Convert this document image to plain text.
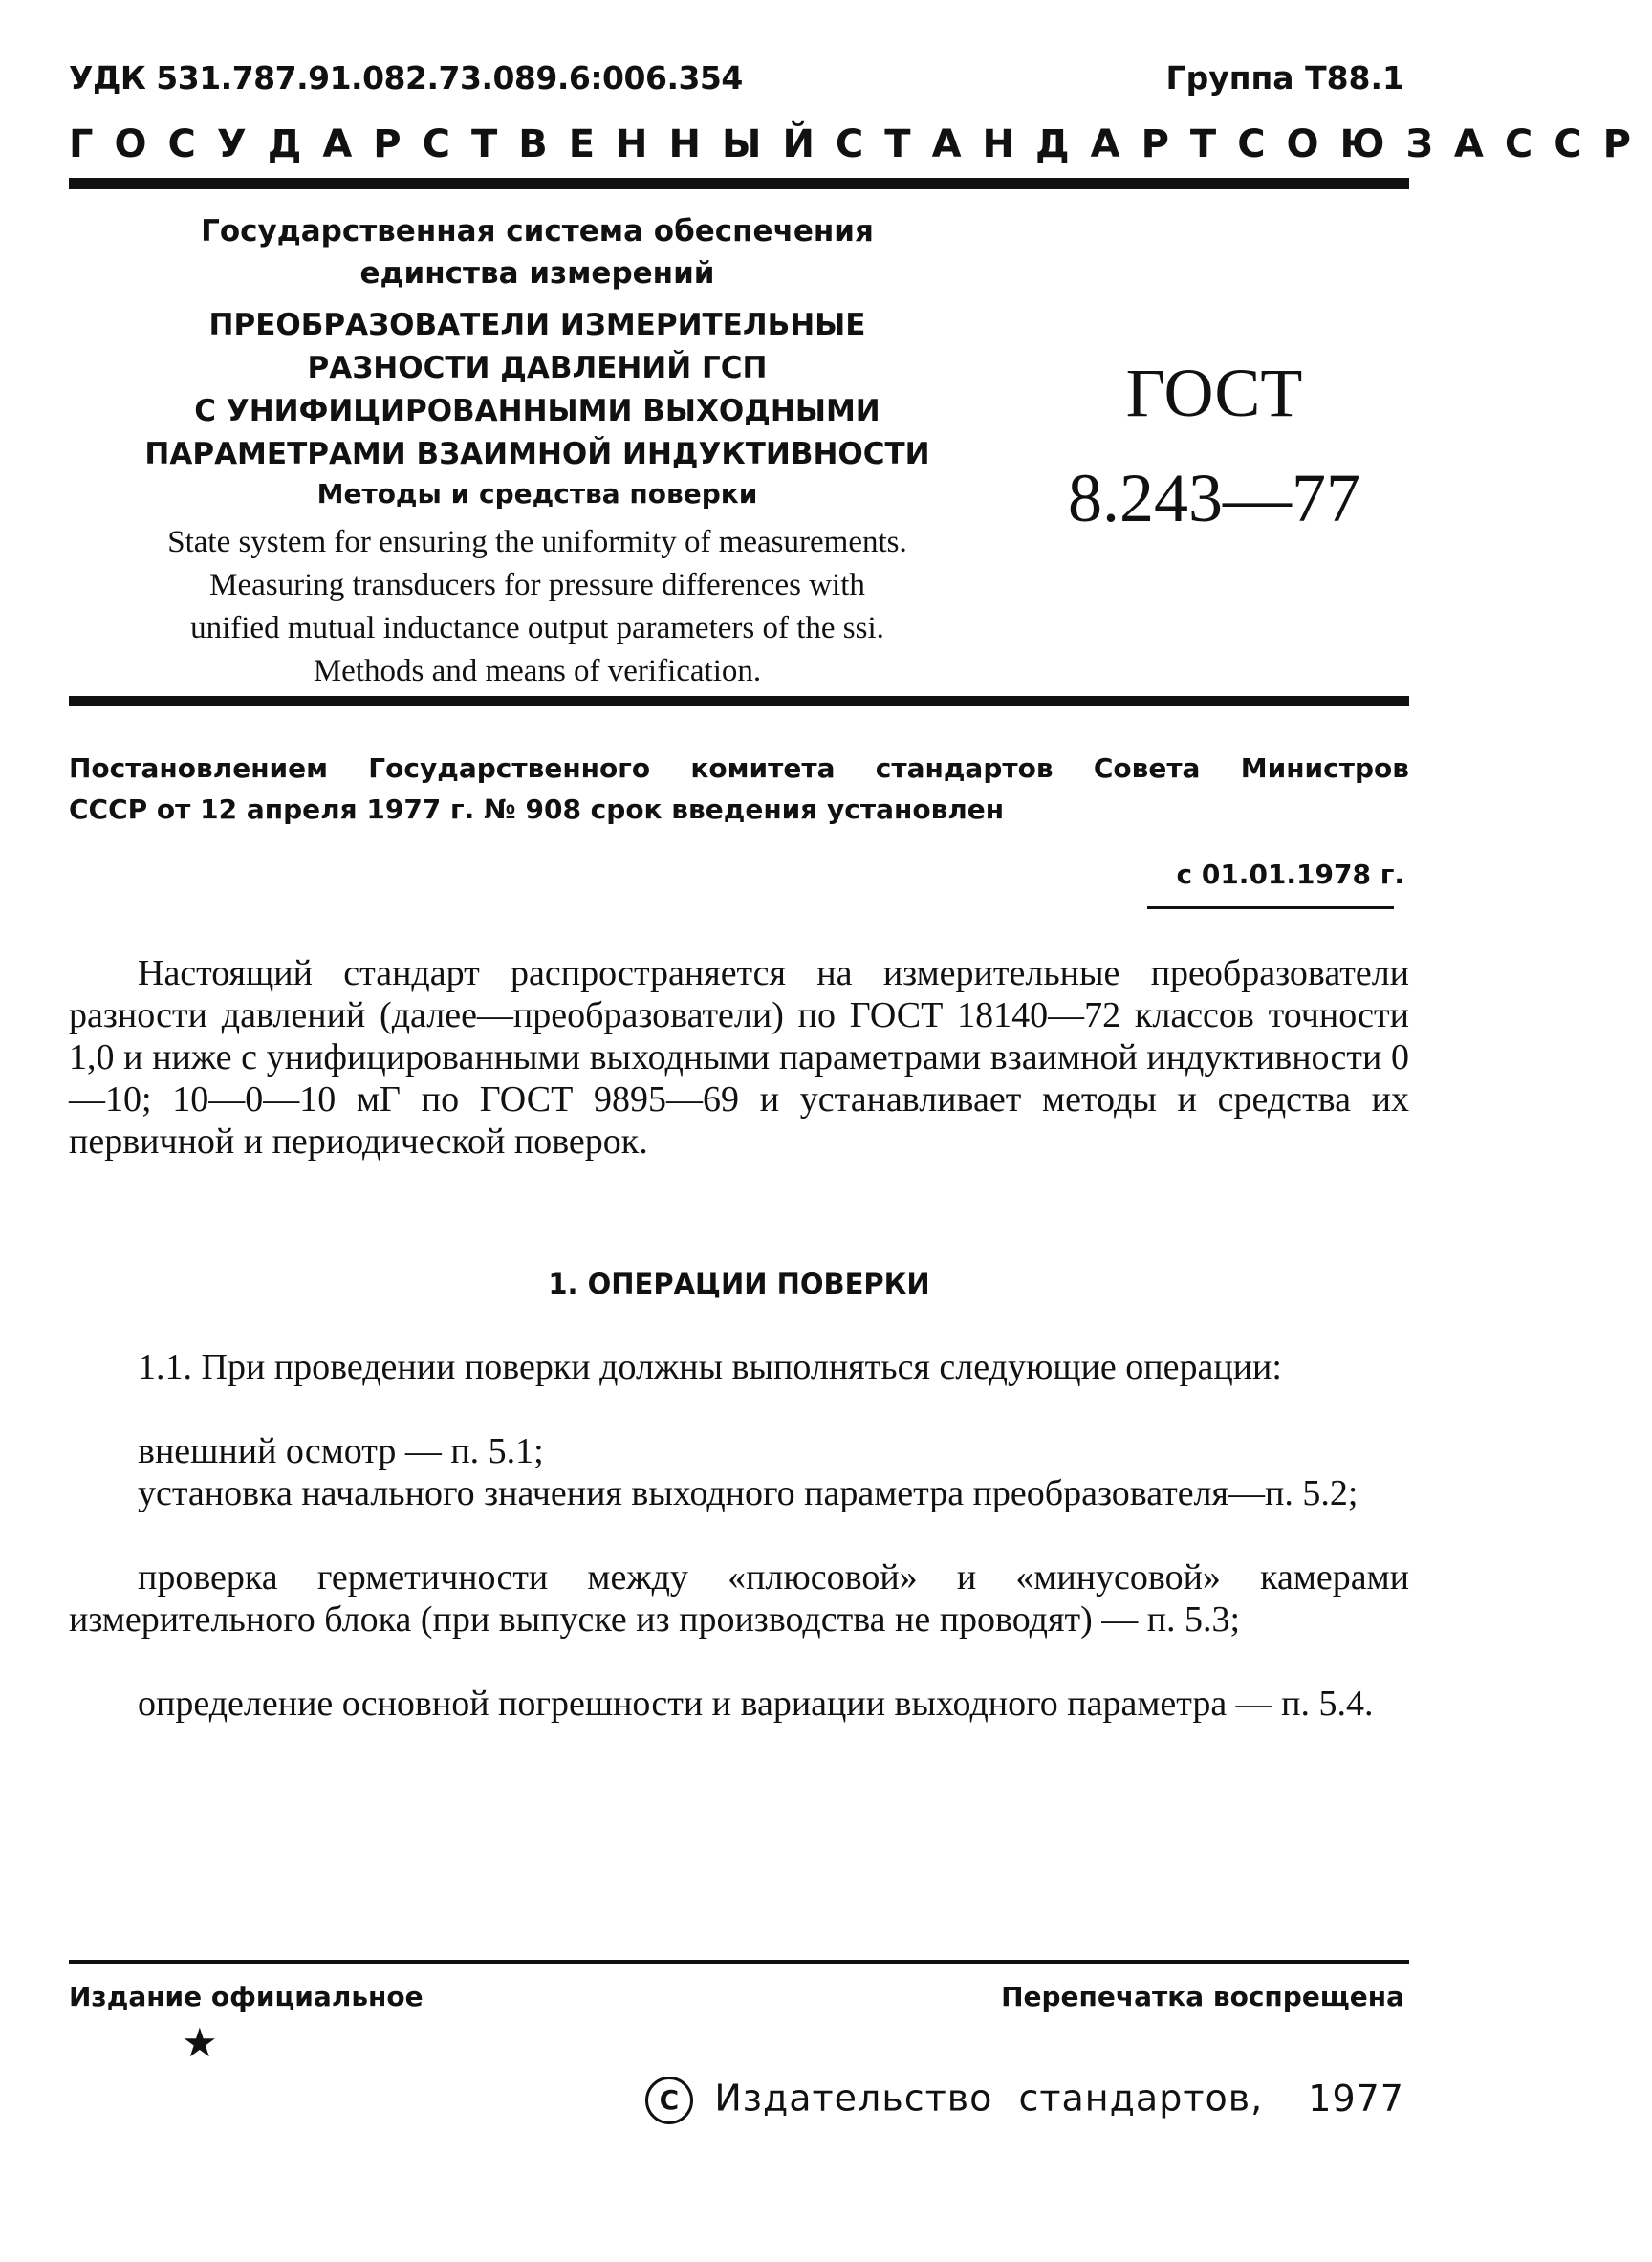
УДК 531.787.91.082.73.089.6:006.354	Группа Т88.1
ГОСУДАРСТВЕННЫЙ СТАНДАРТ СОЮЗА ССР
Государственная система обеспечения
единства измерений
ПРЕОБРАЗОВАТЕЛИ ИЗМЕРИТЕЛЬНЫЕ
РАЗНОСТИ ДАВЛЕНИЙ ГСП
С УНИФИЦИРОВАННЫМИ ВЫХОДНЫМИ
ПАРАМЕТРАМИ ВЗАИМНОЙ ИНДУКТИВНОСТИ
Методы и средства поверки
State system for ensuring the uniformity of measurements.
Measuring transducers for pressure differences with
unified mutual inductance output parameters of the ssi.
Methods and means of verification.
ГОСТ
8.243—77
Постановлением Государственного комитета стандартов Совета Министров
СССР от 12 апреля 1977 г. № 908 срок введения установлен
с 01.01.1978 г.
Настоящий стандарт распространяется на измерительные преобразователи разности давлений (далее—преобразователи) по ГОСТ 18140—72 классов точности 1,0 и ниже с унифицированными выходными параметрами взаимной индуктивности 0—10; 10—0—10 мГ по ГОСТ 9895—69 и устанавливает методы и средства их первичной и периодической поверок.
1. ОПЕРАЦИИ ПОВЕРКИ
1.1. При проведении поверки должны выполняться следующие операции:
внешний осмотр — п. 5.1;
установка начального значения выходного параметра преобразователя—п. 5.2;
проверка герметичности между «плюсовой» и «минусовой» камерами измерительного блока (при выпуске из производства не проводят) — п. 5.3;
определение основной погрешности и вариации выходного параметра — п. 5.4.
Издание официальное	Перепечатка воспрещена
★
C Издательство стандартов, 1977
